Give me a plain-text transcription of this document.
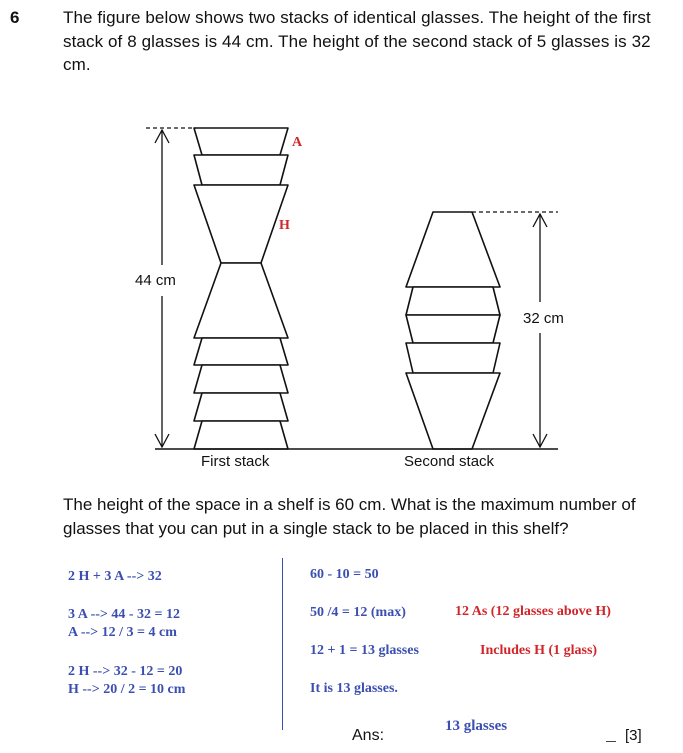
6	The figure below shows two stacks of identical glasses. The height of the first stack of 8 glasses is 44 cm. The height of the second stack of 5 glasses is 32 cm.
44 cm
32 cm
First stack	Second stack
A
H
The height of the space in a shelf is 60 cm. What is the maximum number of glasses that you can put in a single stack to be placed in this shelf?
2 H + 3 A --> 32
3 A --> 44 - 32 = 12
A --> 12 / 3 = 4 cm
2 H --> 32 - 12 = 20
H --> 20 / 2 = 10 cm
60 - 10 = 50
50 /4 = 12 (max)
12 + 1 = 13 glasses
It is 13 glasses.
12 As (12 glasses above H)
Includes H (1 glass)
Ans:
13 glasses
[3]
